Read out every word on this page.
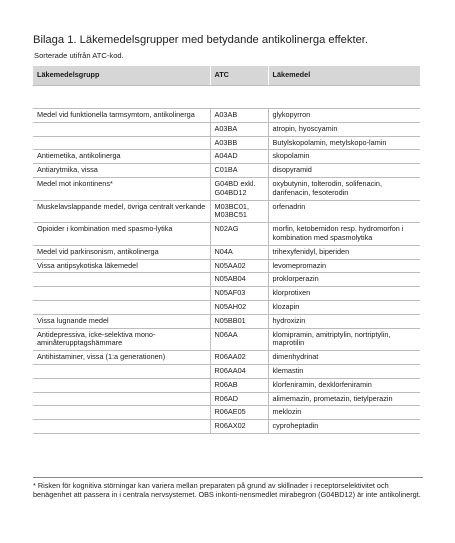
Bilaga 1. Läkemedelsgrupper med betydande antikolinerga effekter.
Sorterade utifrån ATC-kod.
Läkemedelsgrupp	ATC	Läkemedel

Medel vid funktionella tarmsymtom, antikolinerga	A03AB	glykopyrron
	A03BA	atropin, hyoscyamin
	A03BB	Butylskopolamin, metylskopo-lamin
Antiemetika, antikolinerga	A04AD	skopolamin
Antiarytmika, vissa	C01BA	disopyramid
Medel mot inkontinens*	G04BD exkl. G04BD12	oxybutynin, tolterodin, solifenacin, darifenacin, fesoterodin
Muskelavslappande medel, övriga centralt verkande	M03BC01, M03BC51	orfenadrin
Opioider i kombination med spasmo-lytika	N02AG	morfin, ketobemidon resp. hydromorfon i kombination med spasmolytika
Medel vid parkinsonism, antikolinerga	N04A	trihexyfenidyl, biperiden
Vissa antipsykotiska läkemedel	N05AA02	levomepromazin
	N05AB04	proklorperazin
	N05AF03	klorprotixen
	N05AH02	klozapin
Vissa lugnande medel	N05BB01	hydroxizin
Antidepressiva, icke-selektiva mono-aminåterupptagshämmare	N06AA	klomipramin, amitriptylin, nortriptylin, maprotilin
Antihistaminer, vissa (1:a generationen)	R06AA02	dimenhydrinat
	R06AA04	klemastin
	R06AB	klorfeniramin, dexklorfeniramin
	R06AD	alimemazin, prometazin, tietylperazin
	R06AE05	meklozin
	R06AX02	cyproheptadin
* Risken för kognitiva störningar kan variera mellan preparaten på grund av skillnader i receptorselektivitet och benägenhet att passera in i centrala nervsystemet. OBS inkonti-nensmedlet mirabegron (G04BD12) är inte antikolinergt.
